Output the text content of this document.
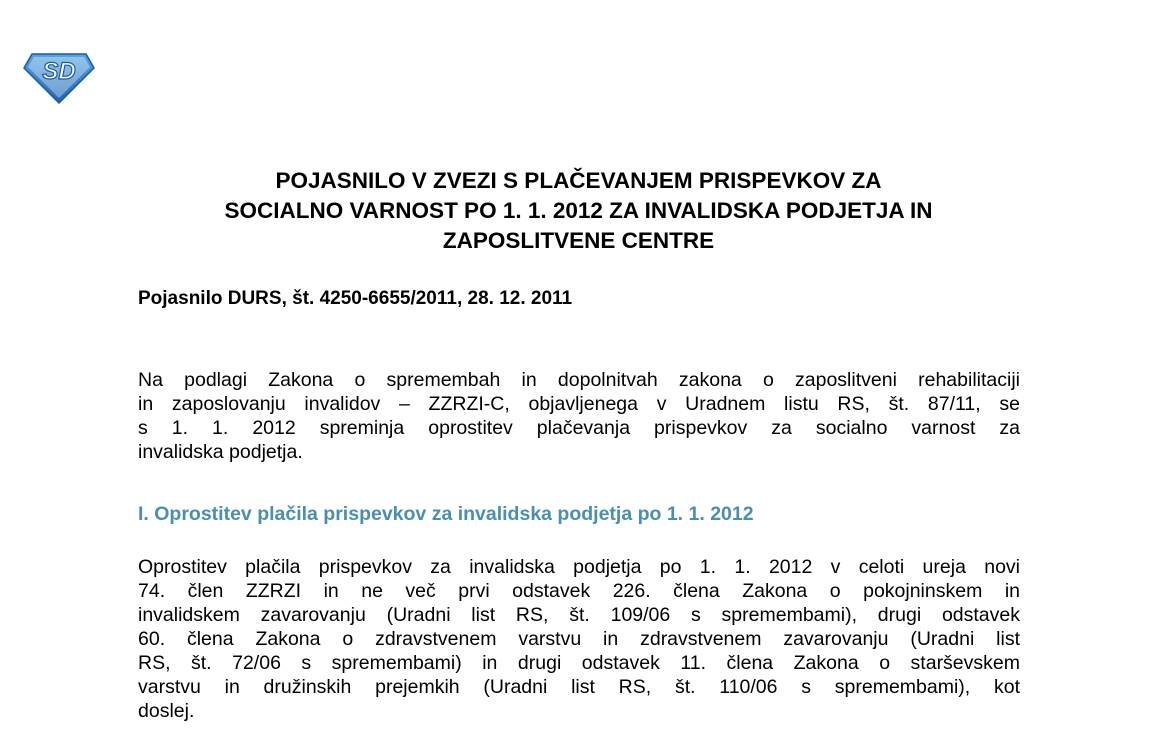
SD
POJASNILO V ZVEZI S PLAČEVANJEM PRISPEVKOV ZA
SOCIALNO VARNOST PO 1. 1. 2012 ZA INVALIDSKA PODJETJA IN
ZAPOSLITVENE CENTRE

Pojasnilo DURS, št. 4250-6655/2011, 28. 12. 2011

Na podlagi Zakona o spremembah in dopolnitvah zakona o zaposlitveni rehabilitaciji
in zaposlovanju invalidov – ZZRZI-C, objavljenega v Uradnem listu RS, št. 87/11, se
s 1. 1. 2012 spreminja oprostitev plačevanja prispevkov za socialno varnost za
invalidska podjetja.
I. Oprostitev plačila prispevkov za invalidska podjetja po 1. 1. 2012
Oprostitev plačila prispevkov za invalidska podjetja po 1. 1. 2012 v celoti ureja novi
74. člen ZZRZI in ne več prvi odstavek 226. člena Zakona o pokojninskem in
invalidskem zavarovanju (Uradni list RS, št. 109/06 s spremembami), drugi odstavek
60. člena Zakona o zdravstvenem varstvu in zdravstvenem zavarovanju (Uradni list
RS, št. 72/06 s spremembami) in drugi odstavek 11. člena Zakona o starševskem
varstvu in družinskih prejemkih (Uradni list RS, št. 110/06 s spremembami), kot
doslej.
